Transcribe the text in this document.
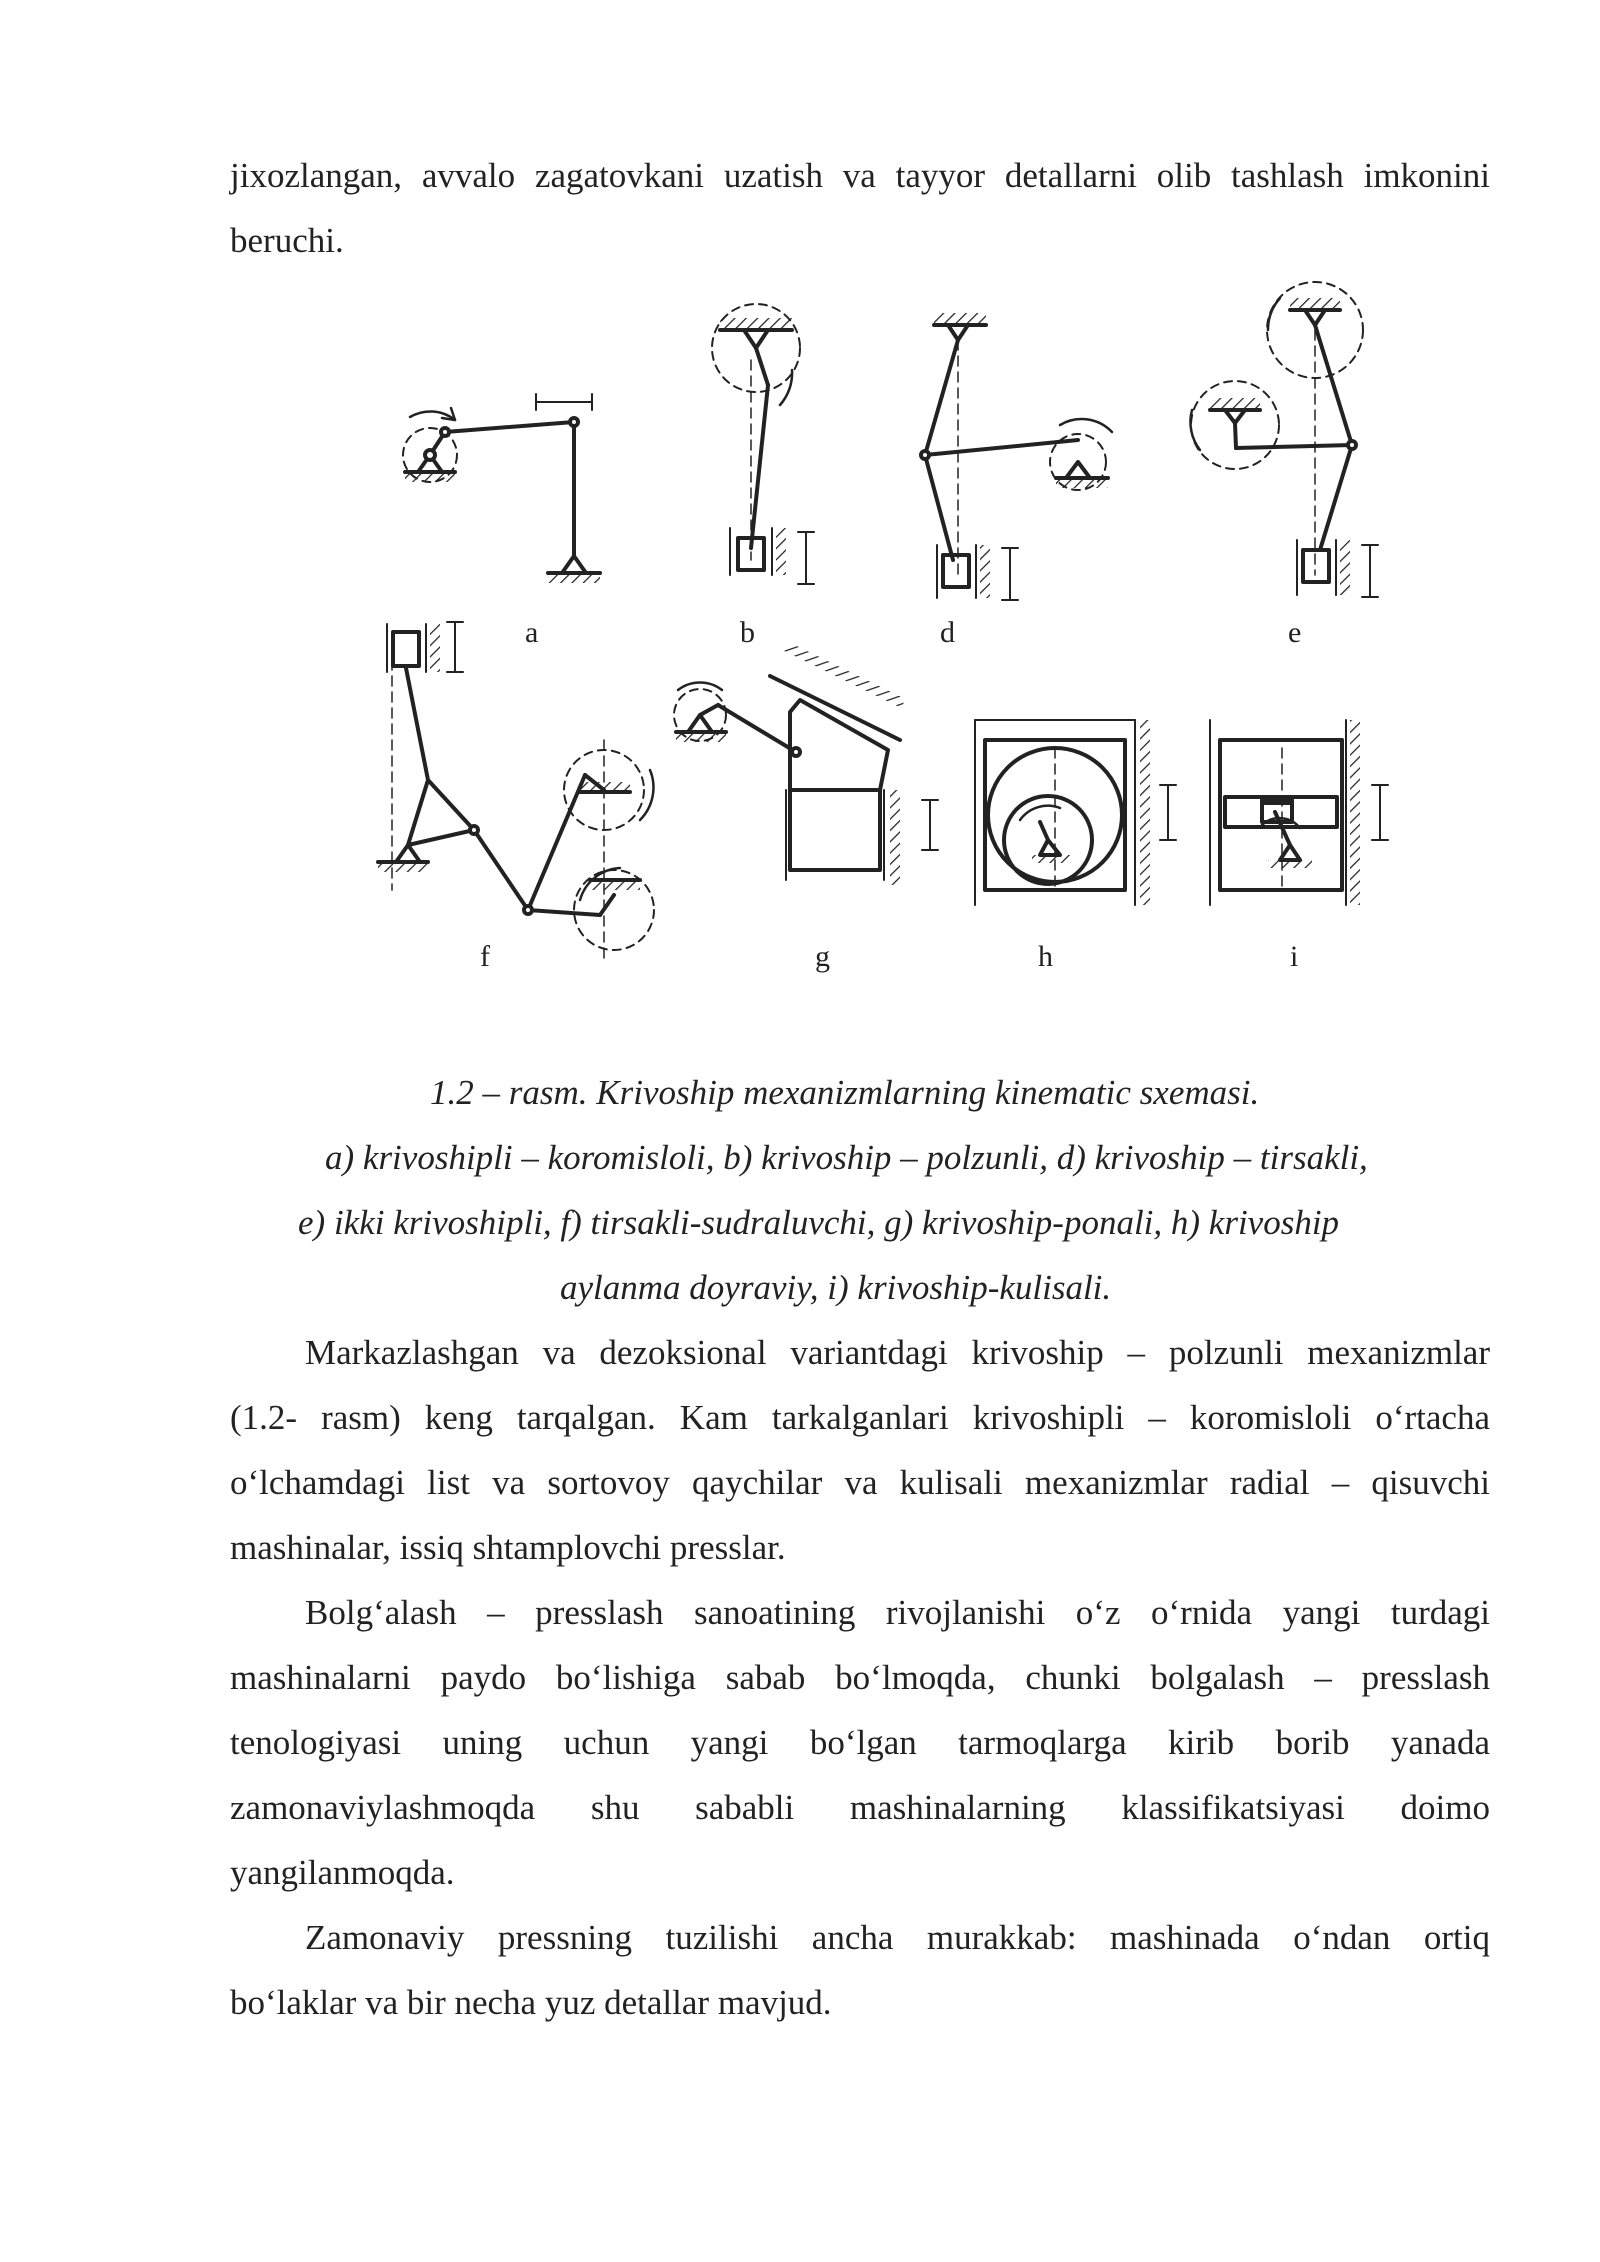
jixozlangan, avvalo zagatovkani uzatish va tayyor detallarni olib tashlash imkonini
beruchi.
a	b	d	e
f	g	h	i
1.2 – rasm. Krivoship mexanizmlarning kinematic sxemasi.
a) krivoshipli – koromisloli, b) krivoship – polzunli, d) krivoship – tirsakli,
e) ikki krivoshipli, f) tirsakli-sudraluvchi, g) krivoship-ponali, h) krivoship
aylanma doyraviy, i) krivoship-kulisali.
Markazlashgan va dezoksional variantdagi krivoship – polzunli mexanizmlar
(1.2- rasm) keng tarqalgan. Kam tarkalganlari krivoshipli – koromisloli o‘rtacha
o‘lchamdagi list va sortovoy qaychilar va kulisali mexanizmlar radial – qisuvchi
mashinalar, issiq shtamplovchi presslar.
Bolg‘alash – presslash sanoatining rivojlanishi o‘z o‘rnida yangi turdagi
mashinalarni paydo bo‘lishiga sabab bo‘lmoqda, chunki bolgalash – presslash
tenologiyasi uning uchun yangi bo‘lgan tarmoqlarga kirib borib yanada
zamonaviylashmoqda shu sababli mashinalarning klassifikatsiyasi doimo
yangilanmoqda.
Zamonaviy pressning tuzilishi ancha murakkab: mashinada o‘ndan ortiq
bo‘laklar va bir necha yuz detallar mavjud.
